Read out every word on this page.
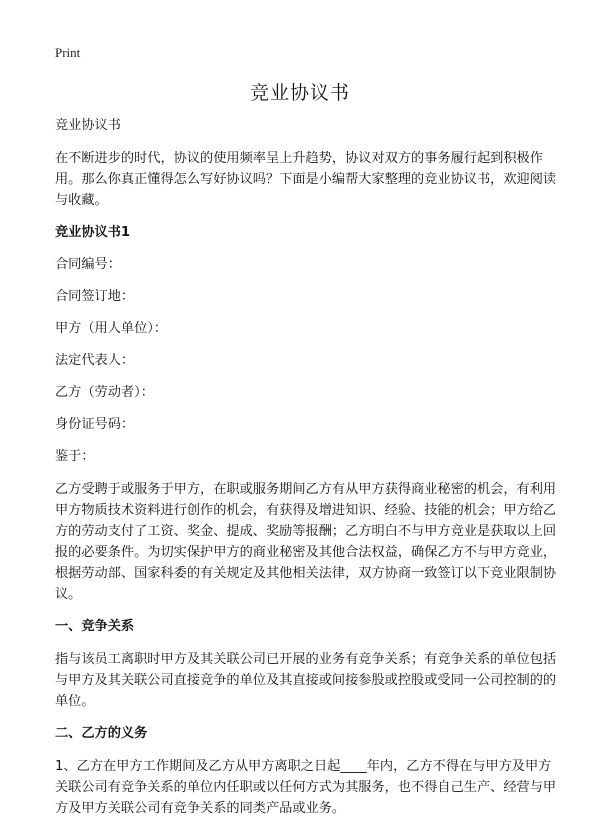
Print
竞业协议书

竞业协议书

在不断进步的时代，协议的使用频率呈上升趋势，协议对双方的事务履行起到积极作用。那么你真正懂得怎么写好协议吗？下面是小编帮大家整理的竞业协议书，欢迎阅读与收藏。

竞业协议书1

合同编号：

合同签订地：

甲方（用人单位）：

法定代表人：

乙方（劳动者）：

身份证号码：

鉴于：

乙方受聘于或服务于甲方，在职或服务期间乙方有从甲方获得商业秘密的机会，有利用甲方物质技术资料进行创作的机会，有获得及增进知识、经验、技能的机会；甲方给乙方的劳动支付了工资、奖金、提成、奖励等报酬；乙方明白不与甲方竞业是获取以上回报的必要条件。为切实保护甲方的商业秘密及其他合法权益，确保乙方不与甲方竞业，根据劳动部、国家科委的有关规定及其他相关法律，双方协商一致签订以下竞业限制协议。

一、竞争关系

指与该员工离职时甲方及其关联公司已开展的业务有竞争关系；有竞争关系的单位包括与甲方及其关联公司直接竞争的单位及其直接或间接参股或控股或受同一公司控制的的单位。

二、乙方的义务

1、乙方在甲方工作期间及乙方从甲方离职之日起____年内，乙方不得在与甲方及甲方关联公司有竞争关系的单位内任职或以任何方式为其服务，也不得自己生产、经营与甲方及甲方关联公司有竞争关系的同类产品或业务。
